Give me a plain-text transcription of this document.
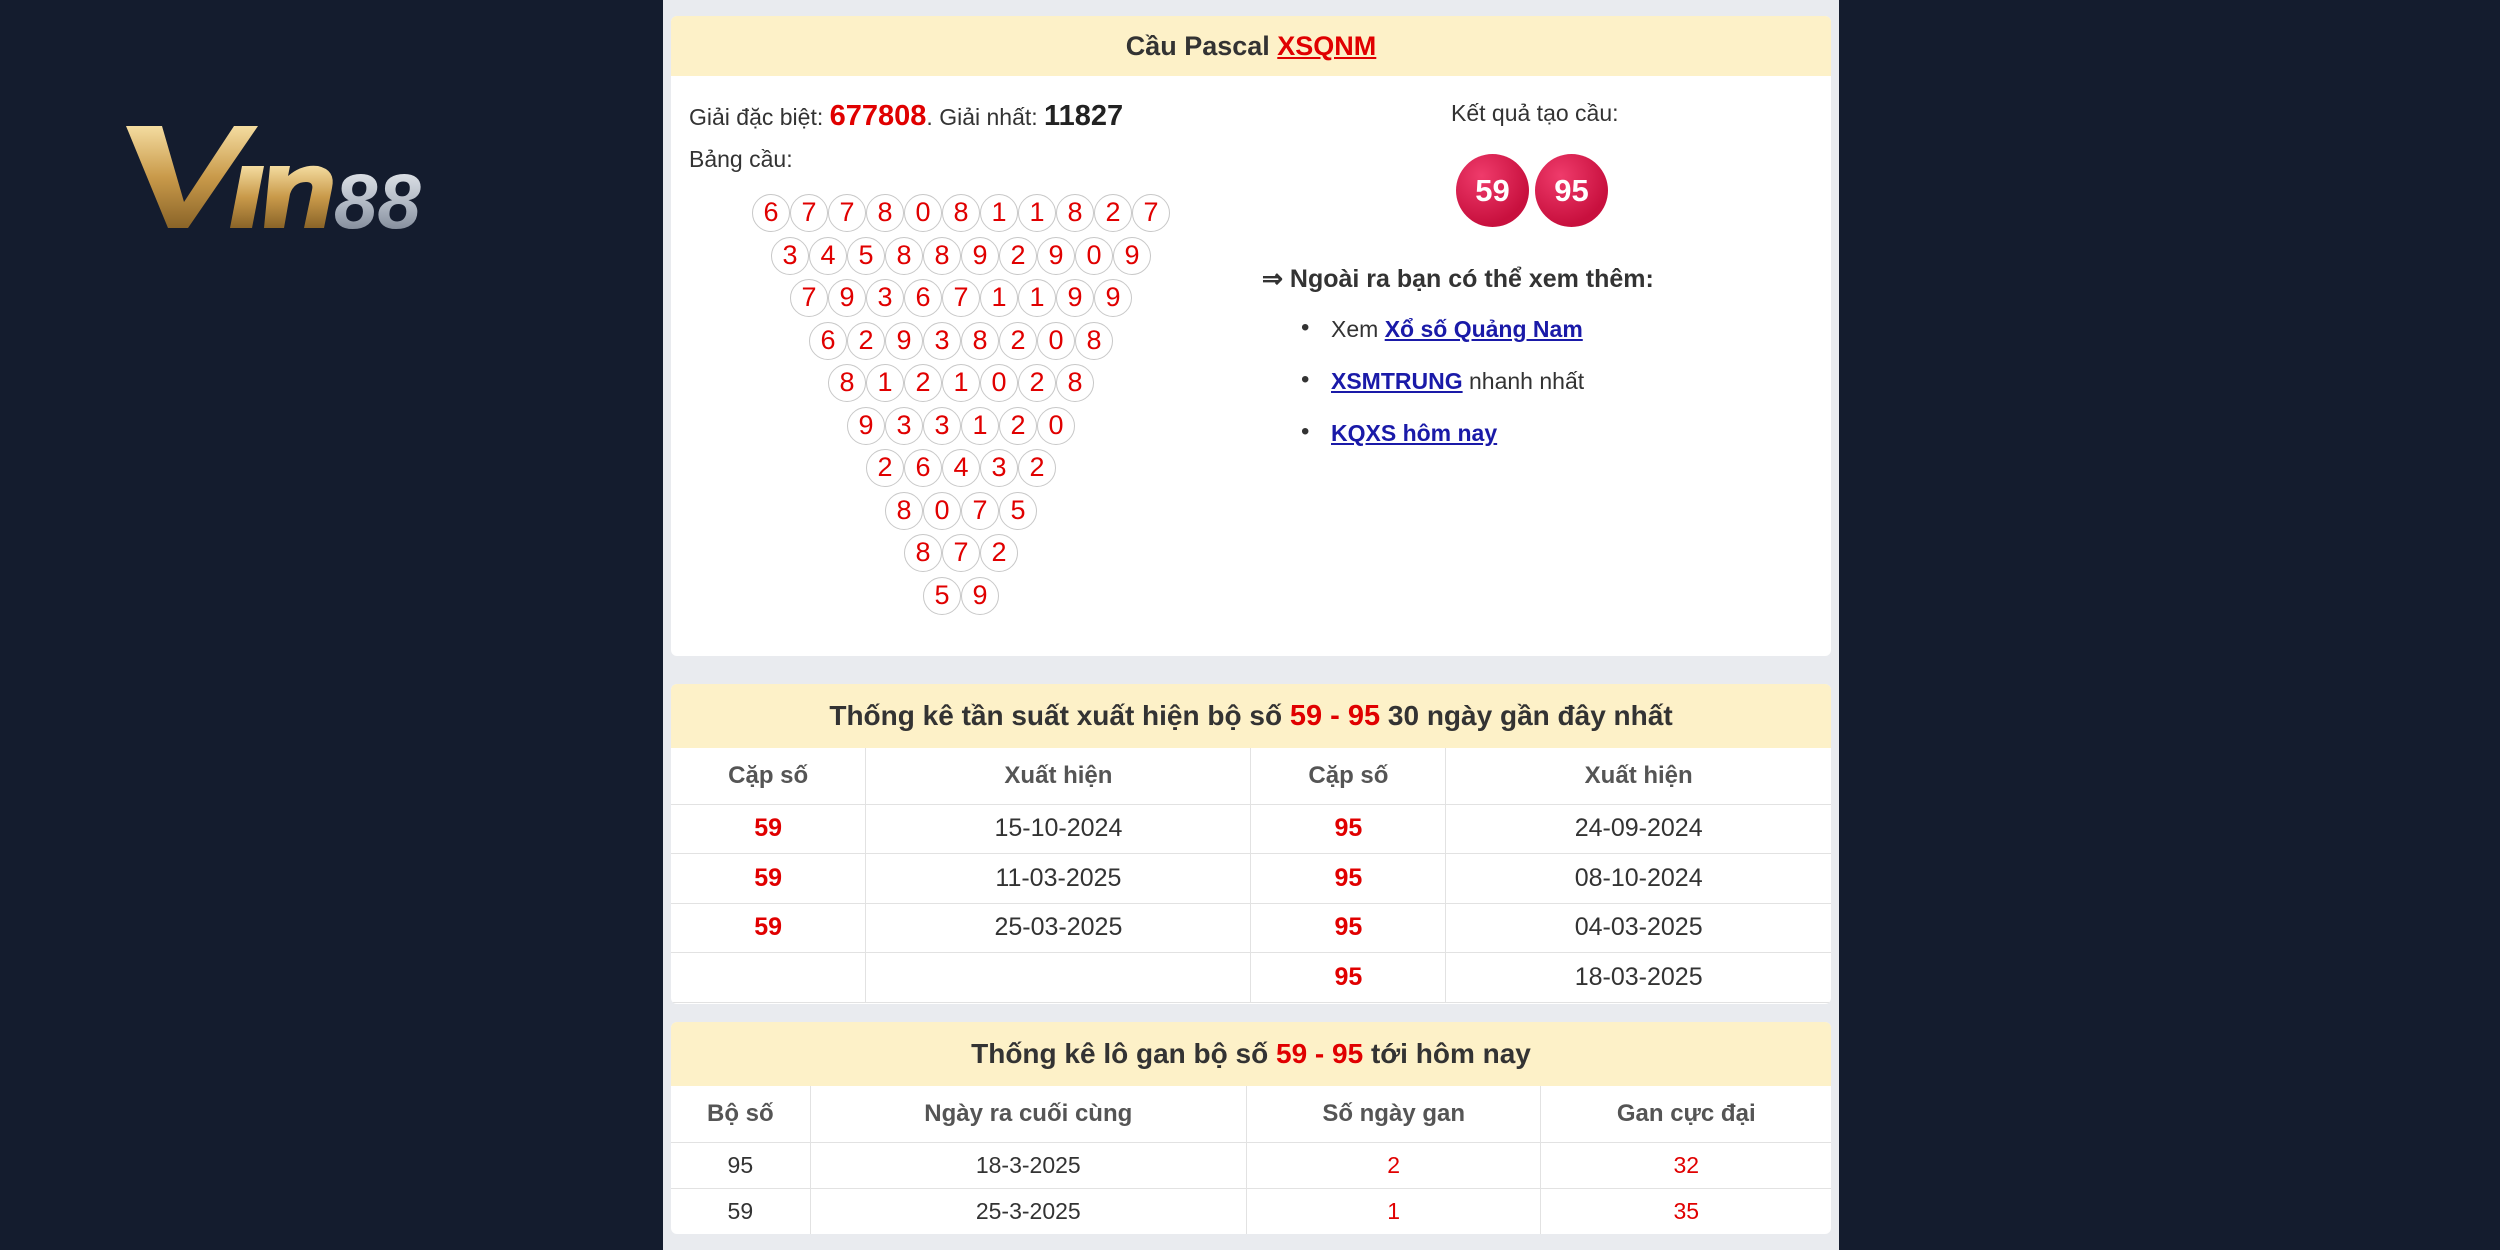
88
Cầu Pascal XSQNM
Giải đặc biệt: 677808. Giải nhất: 11827
Bảng cầu:
6 7 7 8 0 8 1 1 8 2 7
3 4 5 8 8 9 2 9 0 9
7 9 3 6 7 1 1 9 9
6 2 9 3 8 2 0 8
8 1 2 1 0 2 8
9 3 3 1 2 0
2 6 4 3 2
8 0 7 5
8 7 2
5 9
Kết quả tạo cầu:
59	95
⇒ Ngoài ra bạn có thể xem thêm:
• Xem Xổ số Quảng Nam
• XSMTRUNG nhanh nhất
• KQXS hôm nay
Thống kê tần suất xuất hiện bộ số 59 - 95 30 ngày gần đây nhất
Cặp số	Xuất hiện	Cặp số	Xuất hiện
59	15-10-2024	95	24-09-2024
59	11-03-2025	95	08-10-2024
59	25-03-2025	95	04-03-2025
		95	18-03-2025
Thống kê lô gan bộ số 59 - 95 tới hôm nay
Bộ số	Ngày ra cuối cùng	Số ngày gan	Gan cực đại
95	18-3-2025	2	32
59	25-3-2025	1	35
